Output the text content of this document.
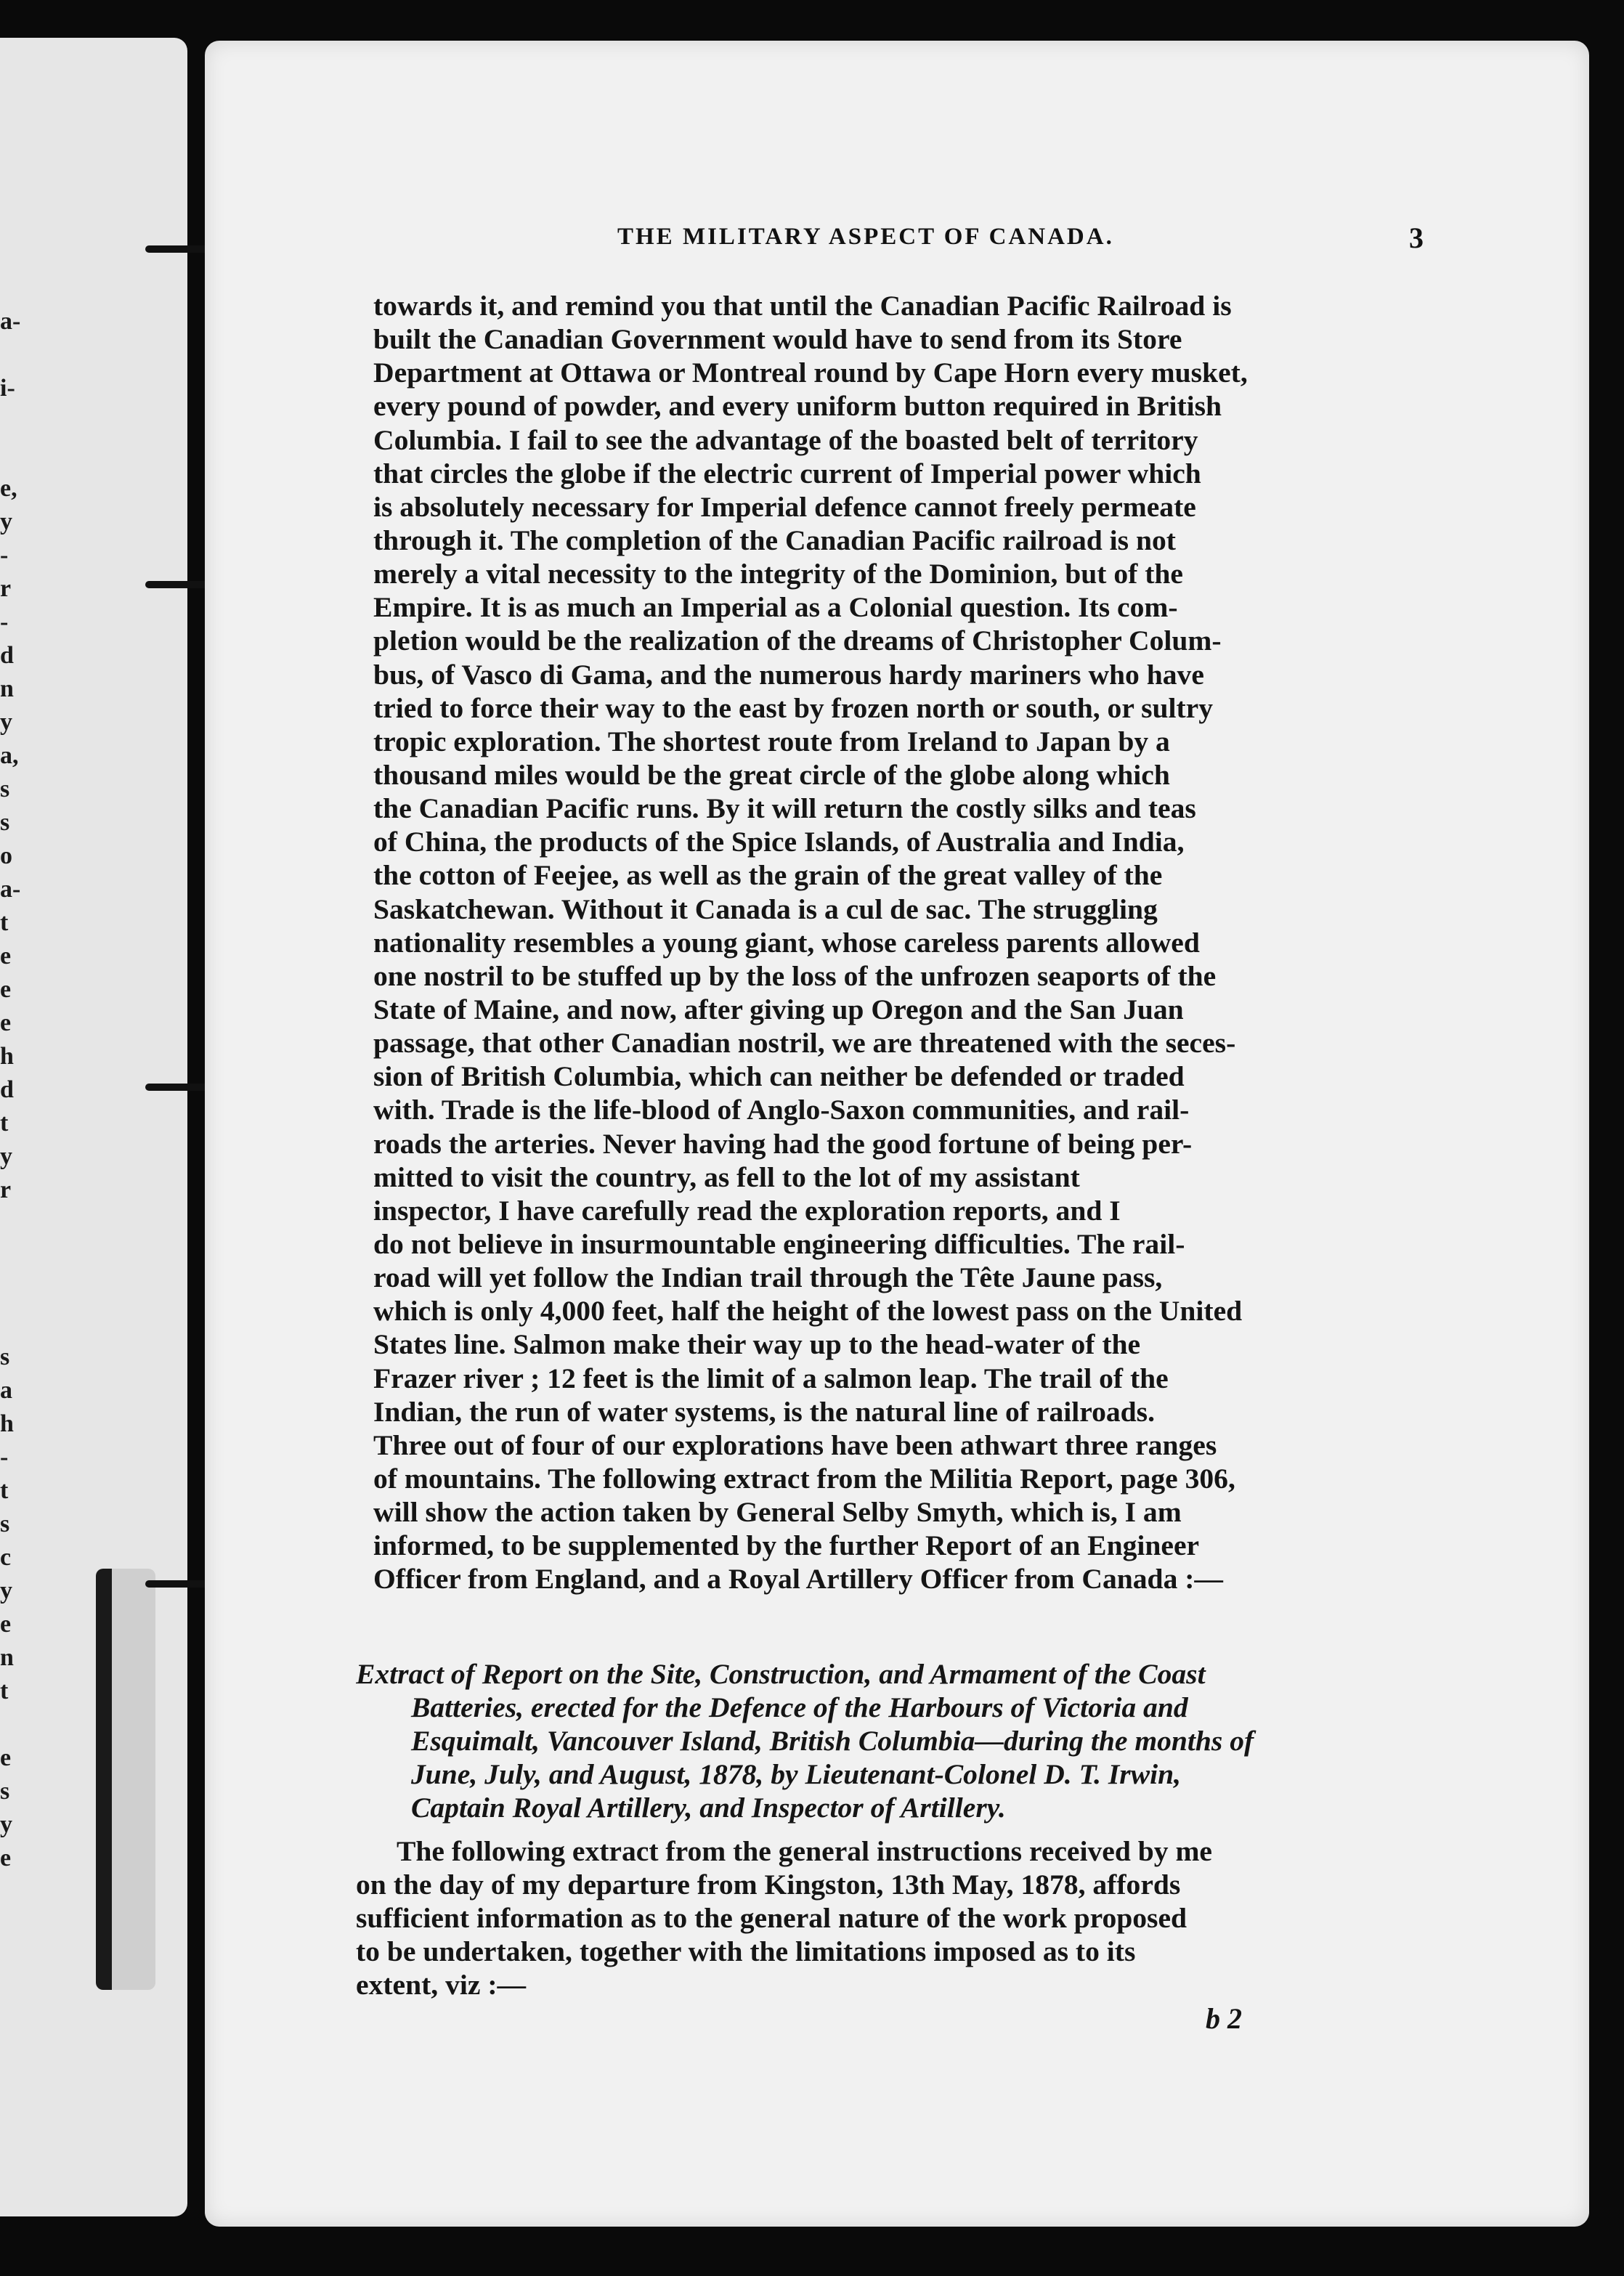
a-
i-
e,
y
-
r
-
d
n
y
a,
s
s
o
a-
t
e
e
e
h
d
t
y
r
s
a
h
-
t
s
c
y
e
n
t
e
s
y
e
THE MILITARY ASPECT OF CANADA.	3
towards it, and remind you that until the Canadian Pacific Railroad is
built the Canadian Government would have to send from its Store
Department at Ottawa or Montreal round by Cape Horn every musket,
every pound of powder, and every uniform button required in British
Columbia. I fail to see the advantage of the boasted belt of territory
that circles the globe if the electric current of Imperial power which
is absolutely necessary for Imperial defence cannot freely permeate
through it. The completion of the Canadian Pacific railroad is not
merely a vital necessity to the integrity of the Dominion, but of the
Empire. It is as much an Imperial as a Colonial question. Its com-
pletion would be the realization of the dreams of Christopher Colum-
bus, of Vasco di Gama, and the numerous hardy mariners who have
tried to force their way to the east by frozen north or south, or sultry
tropic exploration. The shortest route from Ireland to Japan by a
thousand miles would be the great circle of the globe along which
the Canadian Pacific runs. By it will return the costly silks and teas
of China, the products of the Spice Islands, of Australia and India,
the cotton of Feejee, as well as the grain of the great valley of the
Saskatchewan. Without it Canada is a cul de sac. The struggling
nationality resembles a young giant, whose careless parents allowed
one nostril to be stuffed up by the loss of the unfrozen seaports of the
State of Maine, and now, after giving up Oregon and the San Juan
passage, that other Canadian nostril, we are threatened with the seces-
sion of British Columbia, which can neither be defended or traded
with. Trade is the life-blood of Anglo-Saxon communities, and rail-
roads the arteries. Never having had the good fortune of being per-
mitted to visit the country, as fell to the lot of my assistant
inspector, I have carefully read the exploration reports, and I
do not believe in insurmountable engineering difficulties. The rail-
road will yet follow the Indian trail through the Tête Jaune pass,
which is only 4,000 feet, half the height of the lowest pass on the United
States line. Salmon make their way up to the head-water of the
Frazer river ; 12 feet is the limit of a salmon leap. The trail of the
Indian, the run of water systems, is the natural line of railroads.
Three out of four of our explorations have been athwart three ranges
of mountains. The following extract from the Militia Report, page 306,
will show the action taken by General Selby Smyth, which is, I am
informed, to be supplemented by the further Report of an Engineer
Officer from England, and a Royal Artillery Officer from Canada :—
Extract of Report on the Site, Construction, and Armament of the Coast
Batteries, erected for the Defence of the Harbours of Victoria and
Esquimalt, Vancouver Island, British Columbia—during the months of
June, July, and August, 1878, by Lieutenant-Colonel D. T. Irwin,
Captain Royal Artillery, and Inspector of Artillery.
The following extract from the general instructions received by me
on the day of my departure from Kingston, 13th May, 1878, affords
sufficient information as to the general nature of the work proposed
to be undertaken, together with the limitations imposed as to its
extent, viz :—
b 2
